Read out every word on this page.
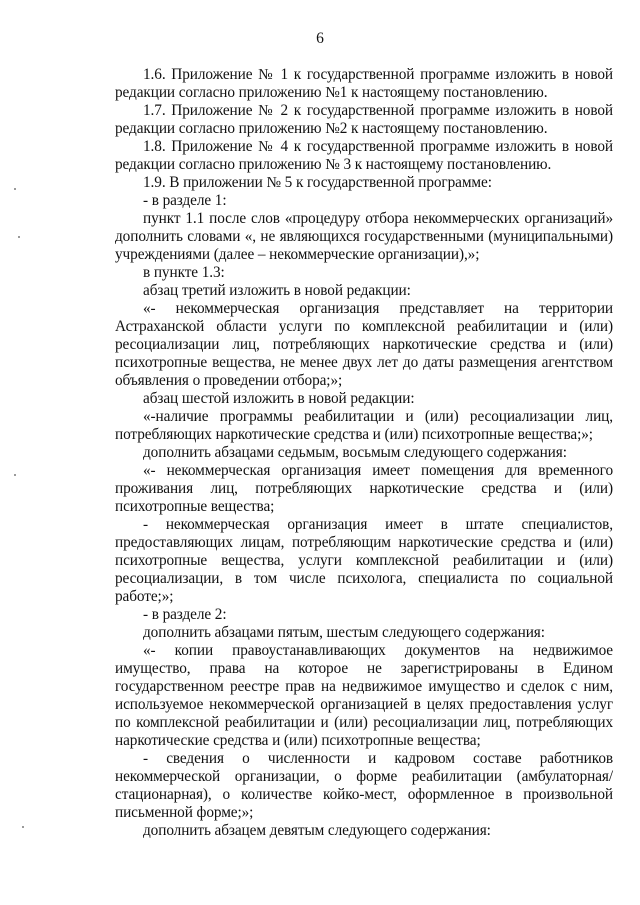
6

1.6. Приложение № 1 к государственной программе изложить в новой редакции согласно приложению №1 к настоящему постановлению.

1.7. Приложение № 2 к государственной программе изложить в новой редакции согласно приложению №2 к настоящему постановлению.

1.8. Приложение № 4 к государственной программе изложить в новой редакции согласно приложению № 3 к настоящему постановлению.

1.9. В приложении № 5 к государственной программе:

- в разделе 1:

пункт 1.1 после слов «процедуру отбора некоммерческих организаций» дополнить словами «, не являющихся государственными (муниципальными) учреждениями (далее – некоммерческие организации),»;

в пункте 1.3:

абзац третий изложить в новой редакции:

«- некоммерческая организация представляет на территории Астраханской области услуги по комплексной реабилитации и (или) ресоциализации лиц, потребляющих наркотические средства и (или) психотропные вещества, не менее двух лет до даты размещения агентством объявления о проведении отбора;»;

абзац шестой изложить в новой редакции:

«-наличие программы реабилитации и (или) ресоциализации лиц, потребляющих наркотические средства и (или) психотропные вещества;»;

дополнить абзацами седьмым, восьмым следующего содержания:

«- некоммерческая организация имеет помещения для временного проживания лиц, потребляющих наркотические средства и (или) психотропные вещества;

- некоммерческая организация имеет в штате специалистов, предоставляющих лицам, потребляющим наркотические средства и (или) психотропные вещества, услуги комплексной реабилитации и (или) ресоциализации, в том числе психолога, специалиста по социальной работе;»;

- в разделе 2:

дополнить абзацами пятым, шестым следующего содержания:

«- копии правоустанавливающих документов на недвижимое имущество, права на которое не зарегистрированы в Едином государственном реестре прав на недвижимое имущество и сделок с ним, используемое некоммерческой организацией в целях предоставления услуг по комплексной реабилитации и (или) ресоциализации лиц, потребляющих наркотические средства и (или) психотропные вещества;

- сведения о численности и кадровом составе работников некоммерческой организации, о форме реабилитации (амбулаторная/стационарная), о количестве койко-мест, оформленное в произвольной письменной форме;»;

дополнить абзацем девятым следующего содержания:
